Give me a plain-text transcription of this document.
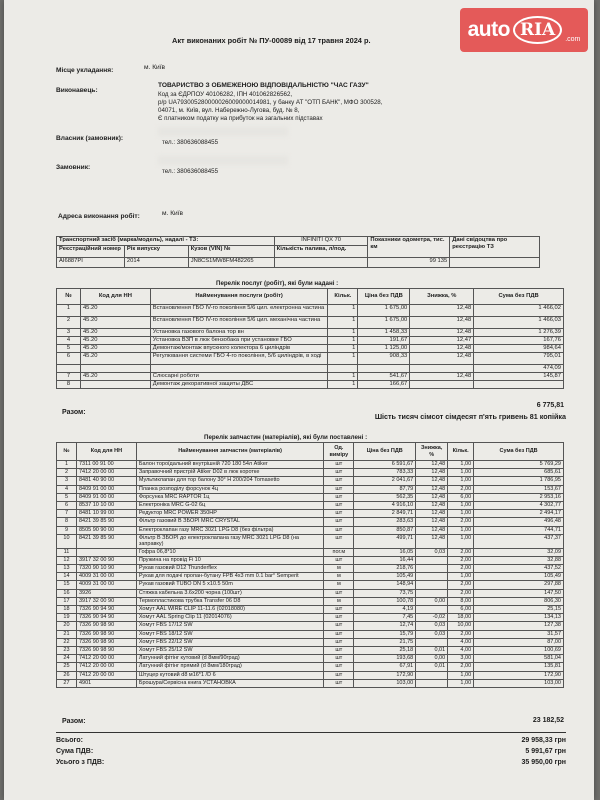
auto RIA	.com
Акт виконаних робіт № ПУ-00089 від 17 травня 2024 р.
Місце укладання:	м. Київ
Виконавець:
ТОВАРИСТВО З ОБМЕЖЕНОЮ ВІДПОВІДАЛЬНІСТЮ "ЧАС ГАЗУ"
Код за ЄДРПОУ 40106282, ІПН 401062826562,
р/р UA793005280000026009000014981, у банку АТ "ОТП БАНК", МФО 300528,
04071, м. Київ, вул. Набережно-Лугова, буд. № 8,
Є платником податку на прибуток на загальних підставах
Власник (замовник):
тел.: 380636088455
Замовник:
тел.: 380636088455
Адреса виконання робіт:	м. Київ
Транспортний засіб (марка/модель), надалі - ТЗ:			INFINITI QX 70	Показники одометра, тис. км	Дані свідоцтва про реєстрацію ТЗ
Реєстраційний номер	Рік випуску	Кузов (VIN) №	Кількість палива, л/под.		
AI6887PI	2014	JN8CS1MW8FM482265		99 135	
Перелік послуг (робіт), які були надані :
№	Код для НН	Найменування послуги (робіт)	Кільк.	Ціна без ПДВ	Знижка, %	Сума без ПДВ
1	45.20	Встановлення ГБО IV-го покоління 5/6 цил. електронна частина	1	1 675,00	12,48	1 466,02
2	45.20	Встановлення ГБО IV-го покоління 5/6 цил. механічна частина	1	1 675,00	12,48	1 466,03
3	45.20	Установка газового балона тор вн	1	1 458,33	12,48	1 276,39
4	45.20	Установка ВЗП в люк бензобака при установке ГБО	1	191,67	12,47	167,76
5	45.20	Демонтаж/монтаж впускного колектора 6 циліндрів	1	1 125,00	12,48	984,64
6	45.20	Регулювання системи ГБО 4-го покоління, 5/6 циліндрів, в ході	1	908,33	12,48	795,01
						474,09
7	45.20	Слюсарні роботи	1	541,67	12,48	145,87
8		Демонтаж декоративної защиты ДВС	1	166,67		
Разом:
6 775,81
Шість тисяч сімсот сімдесят п'ять гривень 81 копійка
Перелік запчастин (матеріалів), які були поставлені :
№	Код для НН	Найменування запчастин (матеріалів)	Од. виміру	Ціна без ПДВ	Знижка, %	Кільк.	Сума без ПДВ
1	7311 00 91 00	Балон тороїдальний внутрішній 720 180 54л Atiker	шт	6 591,67	12,48	1,00	5 769,29
2	7412 20 00 00	Заправочний пристрій Atiker D02 в люк коротке	шт	783,33	12,48	1,00	685,61
3	8481 40 90 00	Мультиклапан для тор балону 30° Н 200/204 Tomasetto	шт	2 041,67	12,48	1,00	1 786,95
4	8409 91 00 00	Планка розподілу форсунок 4ц	шт	87,79	12,48	2,00	153,67
5	8409 91 00 00	Форсунка MRC RAPTOR 1ц	шт	562,35	12,48	6,00	2 953,16
6	8537 10 10 00	Електроніка MRC G-02 6ц	шт	4 916,10	12,48	1,00	4 302,77
7	8481 10 99 00	Редуктор MRC POWER 350HP	шт	2 849,71	12,48	1,00	2 494,17
8	8421 39 85 90	Фільтр газовий В ЗБОРІ MRC CRYSTAL	шт	283,63	12,48	2,00	496,48
9	8505 90 90 00	Електроклапан газу MRC 3021 LPG D8 (без фільтра)	шт	850,87	12,48	1,00	744,71
10	8421 39 85 90	Фільтр В ЗБОРІ до електроклапана газу MRC 3021 LPG D8 (на заправку)	шт	499,71	12,48	1,00	437,37
11		Гофра 06,8*10	пог.м	16,05	0,03	2,00	32,09
12	3917 32 00 90	Пружина на провід Fi 10	шт	16,44		2,00	32,88
13	7320 90 10 90	Рукав газовий D12 Thunderflex	м	218,76		2,00	437,52
14	4009 31 00 00	Рукав для подачі пропан-бутану FPB 4x3 mm 0.1 bar° Semperit	м	105,49		1,00	105,49
15	4009 31 00 00	Рукав газовий TUBO DN 5 x10.5 50m	м	148,94		2,00	297,88
16	3926	Стяжка кабельна 3.6x200 чорна (100шт)	шт	73,75		2,00	147,50
17	3917 32 00 90	Термопластикова трубка Transfer 06 D8	м	100,78	0,00	8,00	806,30
18	7326 90 94 90	Хомут AAL WIRE CLIP 11-11.6 (02018080)	шт	4,19		6,00	25,15
19	7326 90 94 90	Хомут AAL Spring Clip 11 (02014076)	шт	7,45	-0,02	18,00	134,13
20	7326 90 98 90	Хомут FBS 17/12 SW	шт	12,74	0,03	10,00	127,38
21	7326 90 98 90	Хомут FBS 18/12 SW	шт	15,79	0,03	2,00	31,57
22	7326 90 98 90	Хомут FBS 22/12 SW	шт	21,75		4,00	87,00
23	7326 90 98 90	Хомут FBS 25/12 SW	шт	25,18	0,01	4,00	100,69
24	7412 20 00 00	Латунний фітінг кутовий (d 8мм/90град)	шт	193,68	0,00	3,00	581,04
25	7412 20 00 00	Латунний фітінг прямий (d 8мм/180град)	шт	67,91	0,01	2,00	135,81
26	7412 20 00 00	Штуцер кутовий d8 м16*1 /D 6	шт	172,90		1,00	172,90
27	4901	Брошура/Сервісна книга УСТАНОВКА	шт	103,00		1,00	103,00
Разом:	23 182,52
Всього:	29 958,33 грн
Сума ПДВ:	5 991,67 грн
Усього з ПДВ:	35 950,00 грн
